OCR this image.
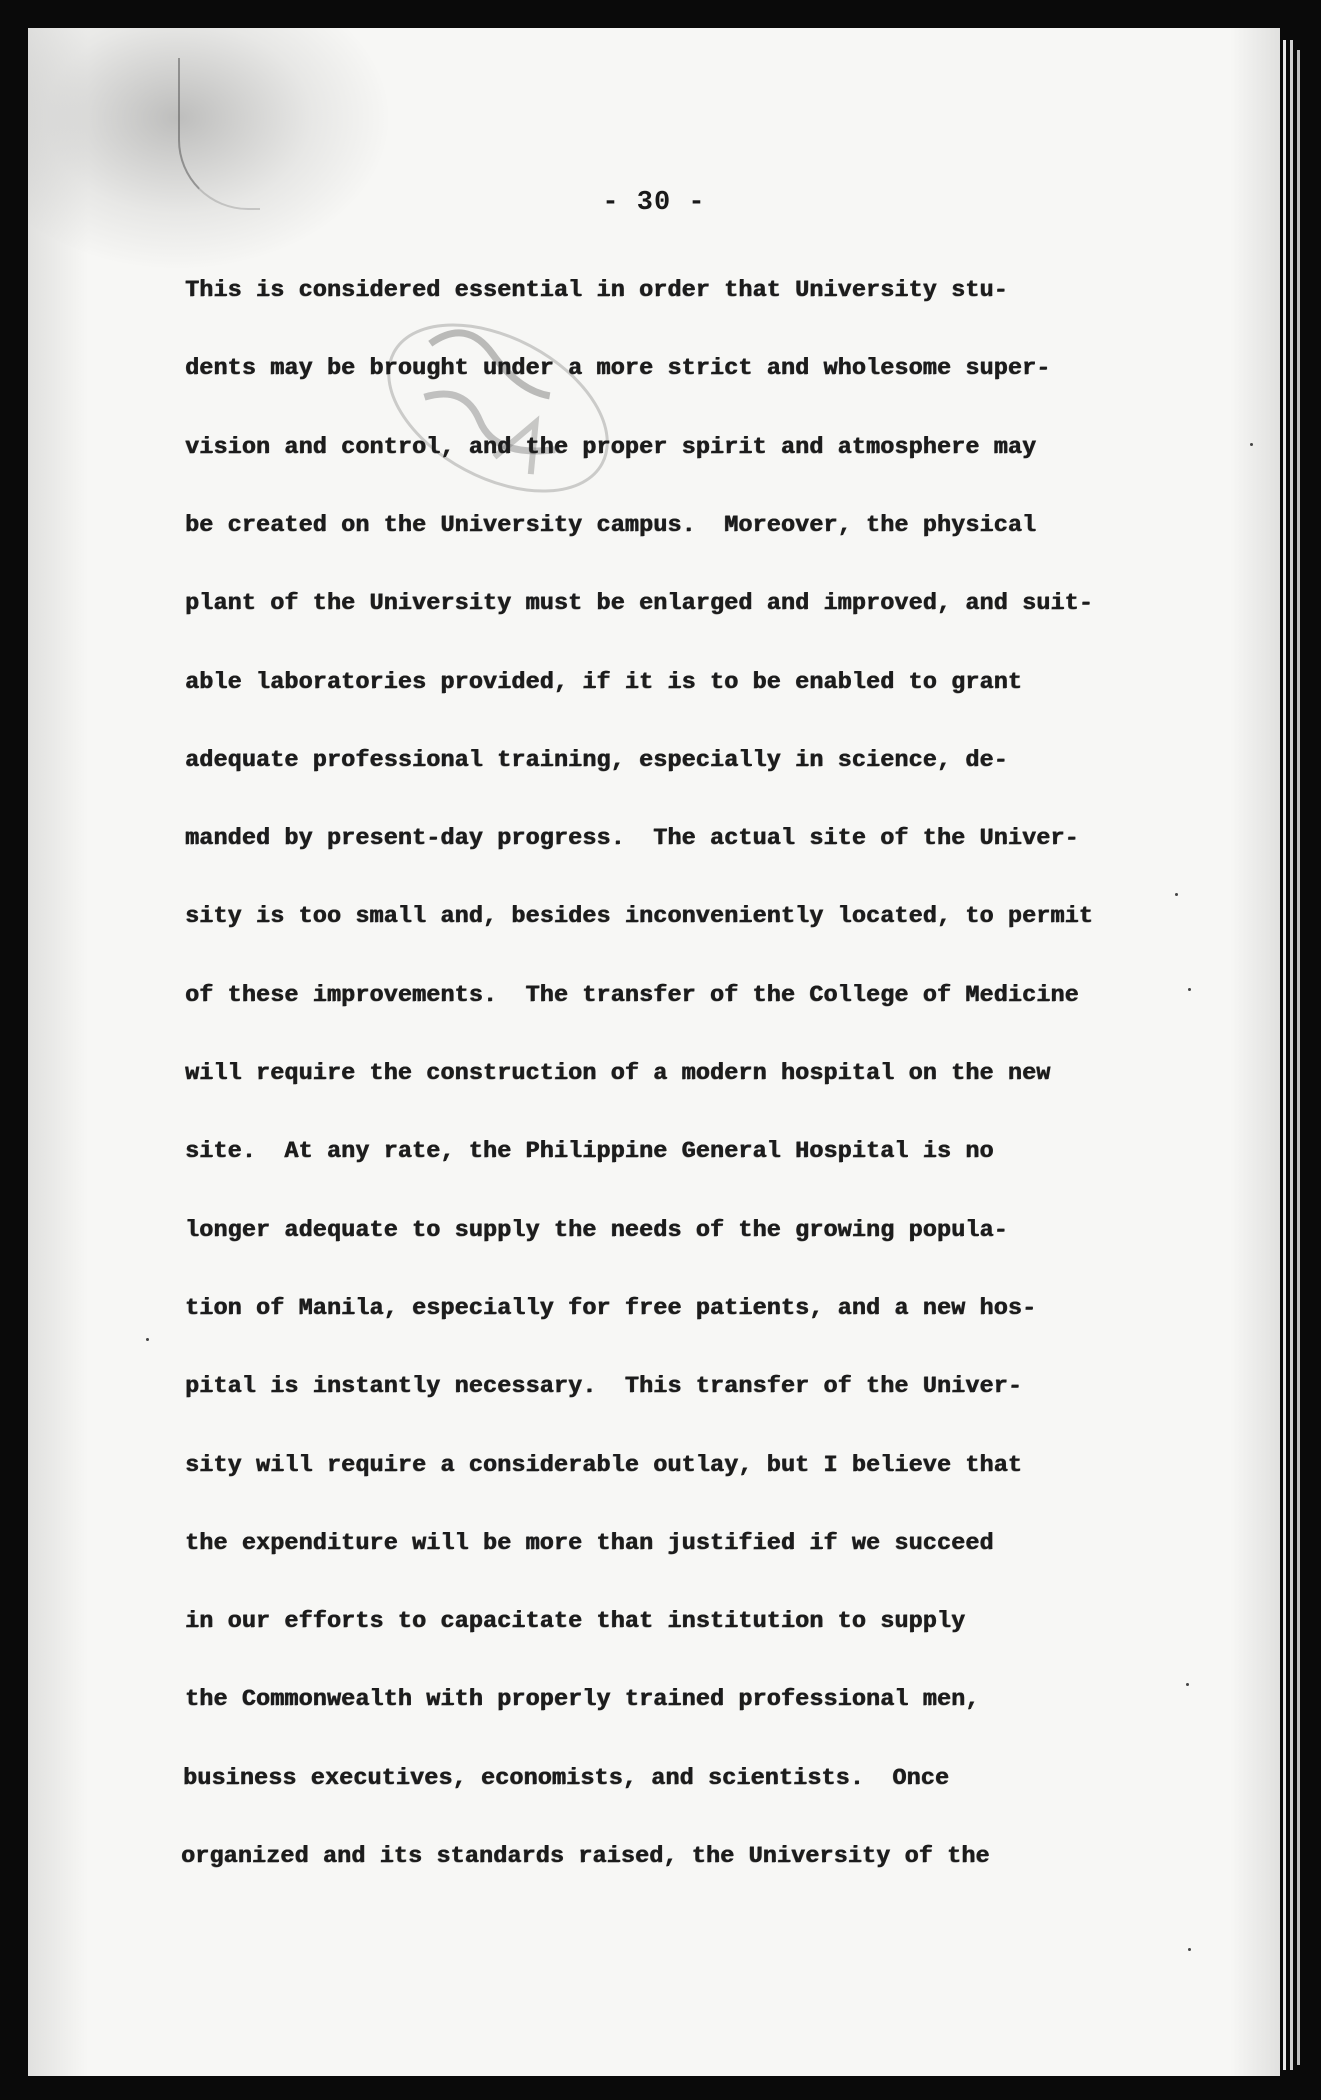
- 30 -
This is considered essential in order that University stu-
dents may be brought under a more strict and wholesome super-
vision and control, and the proper spirit and atmosphere may
be created on the University campus.  Moreover, the physical
plant of the University must be enlarged and improved, and suit-
able laboratories provided, if it is to be enabled to grant
adequate professional training, especially in science, de-
manded by present-day progress.  The actual site of the Univer-
sity is too small and, besides inconveniently located, to permit
of these improvements.  The transfer of the College of Medicine
will require the construction of a modern hospital on the new
site.  At any rate, the Philippine General Hospital is no
longer adequate to supply the needs of the growing popula-
tion of Manila, especially for free patients, and a new hos-
pital is instantly necessary.  This transfer of the Univer-
sity will require a considerable outlay, but I believe that
the expenditure will be more than justified if we succeed
in our efforts to capacitate that institution to supply
the Commonwealth with properly trained professional men,
business executives, economists, and scientists.  Once
organized and its standards raised, the University of the
